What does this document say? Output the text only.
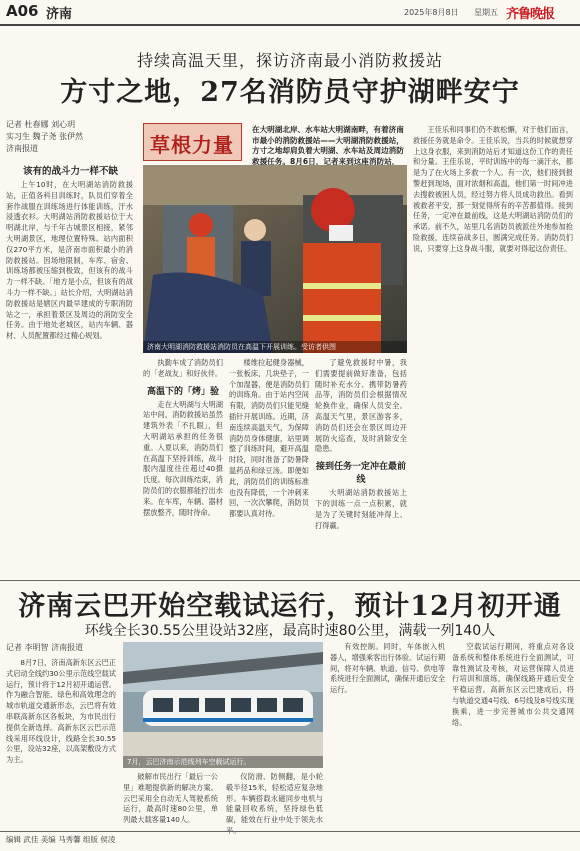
A06 济南	2025年8月8日 星期五 齐鲁晚报
持续高温天里，探访济南最小消防救援站
方寸之地，27名消防员守护湖畔安宁
记者 杜春娜 刘心玥
实习生 魏子尧 张伊然
济南报道
该有的战斗力一样不缺

上午10时，在大明湖站消防救援站，正值各科目训练时，队员们穿着全套作战服在训练场进行体能训练，汗水浸透衣衫。大明湖站消防救援站位于大明湖北岸，与千年古城景区相接，紧邻大明湖景区，地理位置特殊。站内面积仅270平方米，是济南市面积最小的消防救援站。因场地限制，车库、宿舍、训练场都被压缩到极致，但该有的战斗力一样不缺。「地方是小点，但该有的战斗力一样不缺。」站长介绍，大明湖站消防救援站是辖区内最早建成的专职消防站之一，承担着景区及周边的消防安全任务。由于地处老城区，站内车辆、器材、人员配置都经过精心规划。

草根力量
在大明湖北岸、水车站大明湖南畔，有着济南市最小的消防救援站——大明湖消防救援站，方寸之地却肩负着大明湖、水车站及周边消防救援任务。8月6日，记者来到这座消防站，
济南大明湖消防救援站消防员在高温下开展训练。受访者供图

执勤车成了消防员们的「老战友」和好伙伴。

高温下的「烤」验

走在大明湖与大明湖站中间，消防救援站虽然建筑外表「不扎眼」，但大明湖站承担的任务很重。入夏以来，消防员们在高温下坚持训练，战斗服内温度往往超过40摄氏度。每次训练结束，消防员们的衣服都能拧出水来。在车库，车辆、器材摆放整齐，随时待命。

楼维拉起健身器械，一张板床，几块垫子，一个加湿器，便是消防员们的训练角。由于站内空间有限，消防员们只能见缝插针开展训练。近期，济南连续高温天气，为保障消防员身体健康，站里调整了训练时间，避开高温时段，同时准备了防暑降温药品和绿豆汤。即便如此，消防员们的训练标准也没有降低，一个冲刺来回，一次次攀爬，消防员都要认真对待。

了避免救援时中暑，我们需要提前做好准备，包括随时补充水分、携带防暑药品等，消防员们会根据情况轮换作业，确保人员安全。高温天气里，景区游客多，消防员们还会在景区周边开展防火巡查，及时消除安全隐患。

接到任务一定冲在最前线

大明湖站消防救援站上下的训练一点一点积累，就是为了关键时刻能冲得上、打得赢。

王佳乐和同事们仍不敢松懈，对于他们而言，救援任务就是命令。王佳乐说，当兵的时候就想穿上这身衣服，来到消防站后才知道这份工作的责任和分量。王佳乐说，平时训练中的每一滴汗水，都是为了在火场上多救一个人。有一次，他们接到报警赶到现场，面对浓烟和高温，他们第一时间冲进去搜救被困人员，经过努力将人员成功救出。看到被救者平安，那一刻觉得所有的辛苦都值得。接到任务，一定冲在最前线，这是大明湖站消防员们的承诺。前不久，站里几名消防员被派往外地参加抢险救援，连续奋战多日，圆满完成任务。消防员们说，只要穿上这身战斗服，就要对得起这份责任。

济南云巴开始空载试运行，预计12月初开通
环线全长30.55公里设站32座，最高时速80公里，满载一列140人
记者 李明智 济南报道

8月7日，济南高新东区云巴正式启动全线约30公里示范线空载试运行，预计将于12月初开通运营。作为融合智能、绿色和高效理念的城市轨道交通新形态，云巴将有效串联高新东区各板块，为市民出行提供全新选择。高新东区云巴示范线采用环线设计，线路全长30.55公里，设站32座，以高架敷设方式为主。	7月，云巴济南示范线列车空载试运行。

破解市民出行「最后一公里」难题提供新的解决方案。云巴采用全自动无人驾驶系统运行，最高时速80公里，单列最大载客量140人。

仪防滑、防侧翻，是小轮毂半径15米，轻松适应复杂地形。车辆搭载永磁同步电机与能量回收系统，坚持绿色低碳，能效在行业中处于领先水平。

有效控制。同时，车体嵌入机器人，增强乘客出行体验。试运行期间，将对车辆、轨道、信号、供电等系统进行全面测试，确保开通后安全运行。

空载试运行期间，将重点对各设备系统和整体系统进行全面测试，可靠性测试及考核，对运营保障人员进行培训和演练，确保线路开通后安全平稳运营。高新东区云巴建成后，将与轨道交通4号线、6号线及8号线实现换乘，进一步完善城市公共交通网络。

编辑 武佳 美编 马秀馨 组版 侯凌
